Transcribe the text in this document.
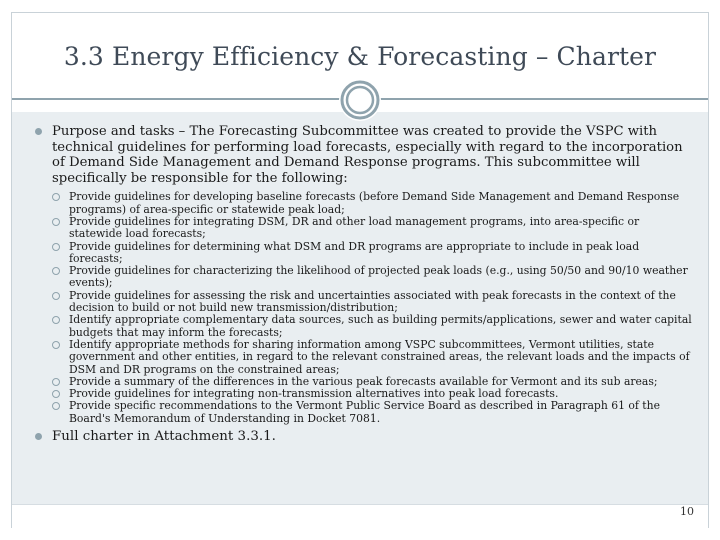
3.3 Energy Efficiency & Forecasting – Charter
Purpose and tasks – The Forecasting Subcommittee was created to provide the VSPC with technical guidelines for performing load forecasts, especially with regard to the incorporation of Demand Side Management and Demand Response programs. This subcommittee will specifically be responsible for the following:
Provide guidelines for developing baseline forecasts (before Demand Side Management and Demand Response programs) of area-specific or statewide peak load;
Provide guidelines for integrating DSM, DR and other load management programs, into area-specific or statewide load forecasts;
Provide guidelines for determining what DSM and DR programs are appropriate to include in peak load forecasts;
Provide guidelines for characterizing the likelihood of projected peak loads (e.g., using 50/50 and 90/10 weather events);
Provide guidelines for assessing the risk and uncertainties associated with peak forecasts in the context of the decision to build or not build new transmission/distribution;
Identify appropriate complementary data sources, such as building permits/applications, sewer and water capital budgets that may inform the forecasts;
Identify appropriate methods for sharing information among VSPC subcommittees, Vermont utilities, state government and other entities, in regard to the relevant constrained areas, the relevant loads and the impacts of DSM and DR programs on the constrained areas;
Provide a summary of the differences in the various peak forecasts available for Vermont and its sub areas;
Provide guidelines for integrating non-transmission alternatives into peak load forecasts.
Provide specific recommendations to the Vermont Public Service Board as described in Paragraph 61 of the Board's Memorandum of Understanding in Docket 7081.
Full charter in Attachment 3.3.1.
10
